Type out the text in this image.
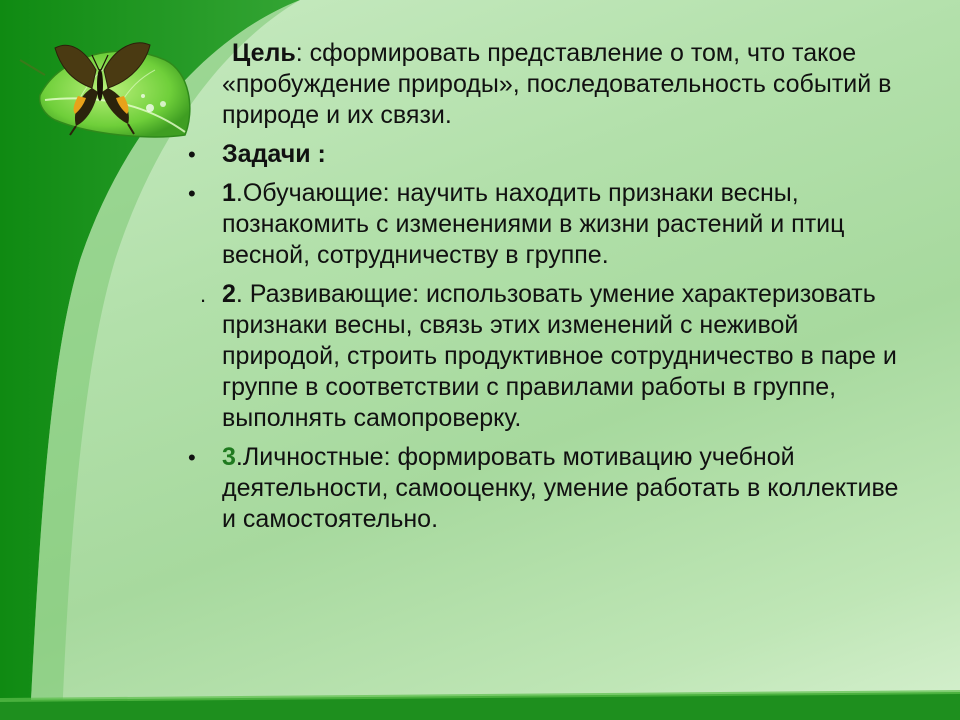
Цель: сформировать представление о том, что такое «пробуждение природы», последовательность событий в природе и их связи.
•	Задачи :
•	1.Обучающие: научить находить признаки весны, познакомить с изменениями в жизни растений и птиц весной, сотрудничеству в группе.
. 2. Развивающие: использовать умение характеризовать признаки весны, связь этих изменений с неживой природой, строить продуктивное сотрудничество в паре и группе в соответствии с правилами работы в группе, выполнять самопроверку.
•	3.Личностные: формировать мотивацию учебной деятельности, самооценку, умение работать в коллективе и самостоятельно.
